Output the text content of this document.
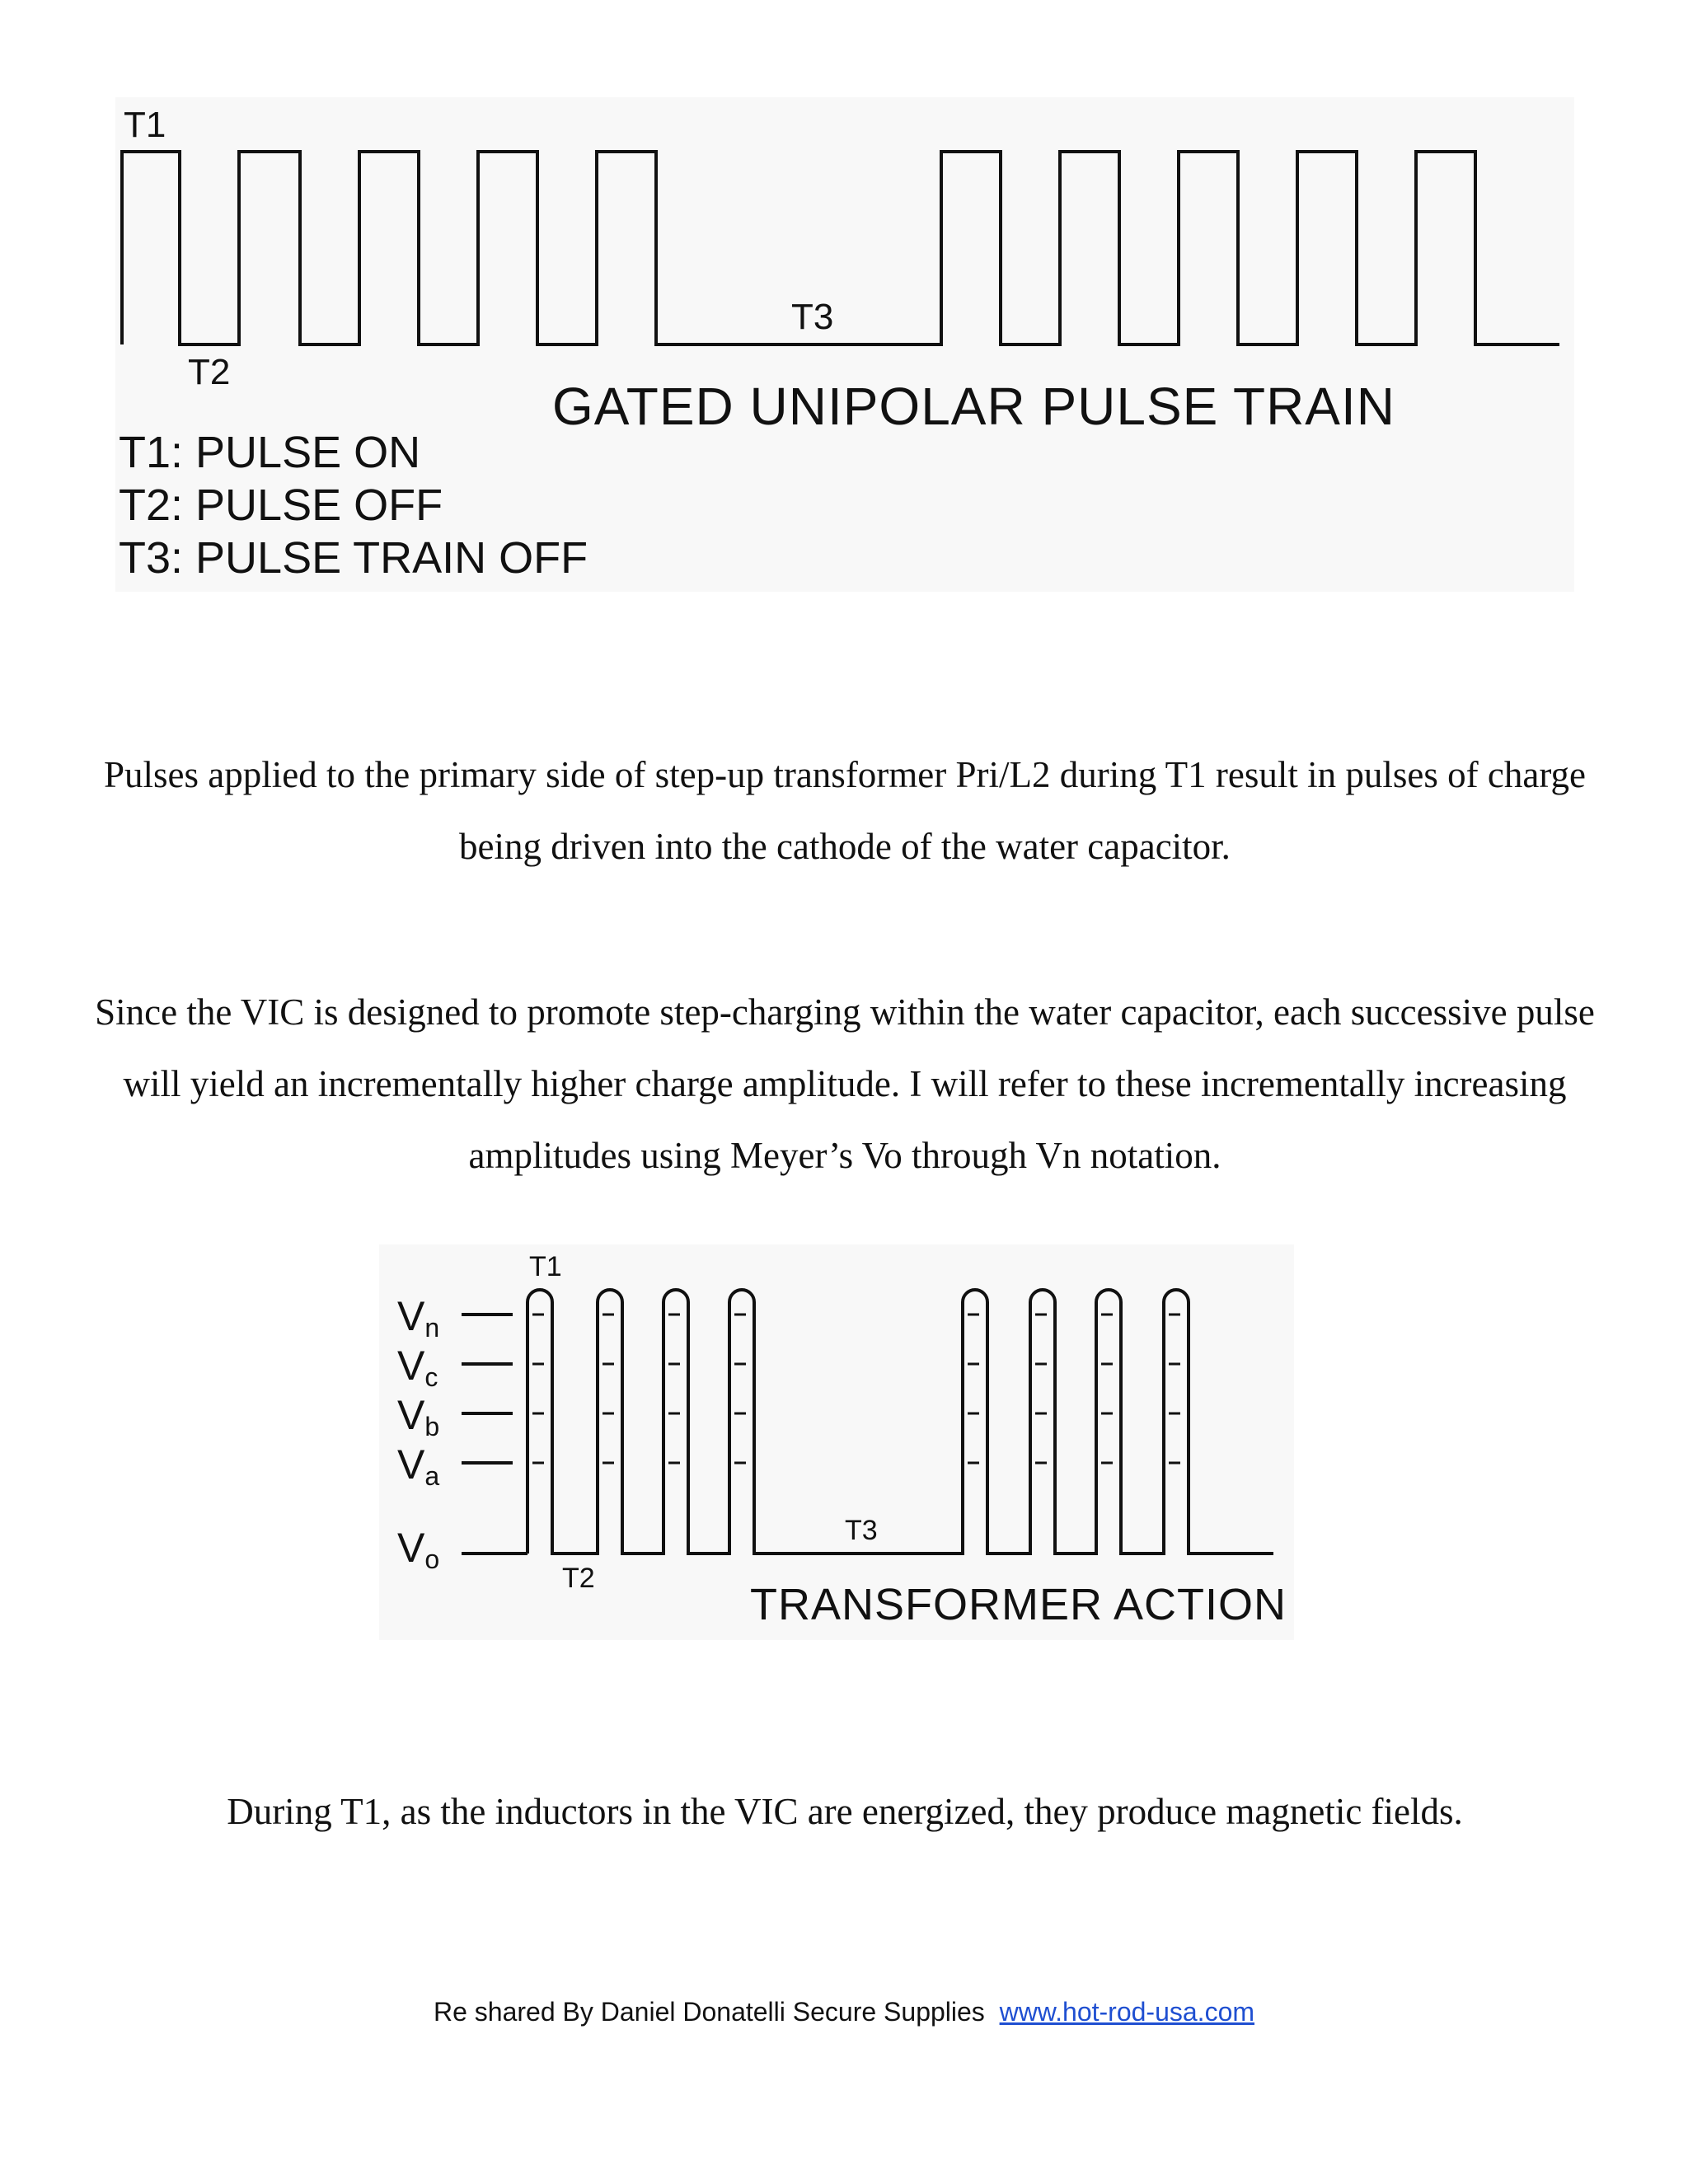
T1
T2
T3
GATED UNIPOLAR PULSE TRAIN
T1: PULSE ON
T2: PULSE OFF
T3: PULSE TRAIN OFF

Pulses applied to the primary side of step-up transformer Pri/L2 during T1 result in pulses of charge being driven into the cathode of the water capacitor.

Since the VIC is designed to promote step-charging within the water capacitor, each successive pulse will yield an incrementally higher charge amplitude. I will refer to these incrementally increasing amplitudes using Meyer’s Vo through Vn notation.

T1
T2
T3
$V_n$
$V_c$
$V_b$
$V_a$
$V_o$
TRANSFORMER ACTION

During T1, as the inductors in the VIC are energized, they produce magnetic fields.

Re shared By Daniel Donatelli Secure Supplies www.hot-rod-usa.com
